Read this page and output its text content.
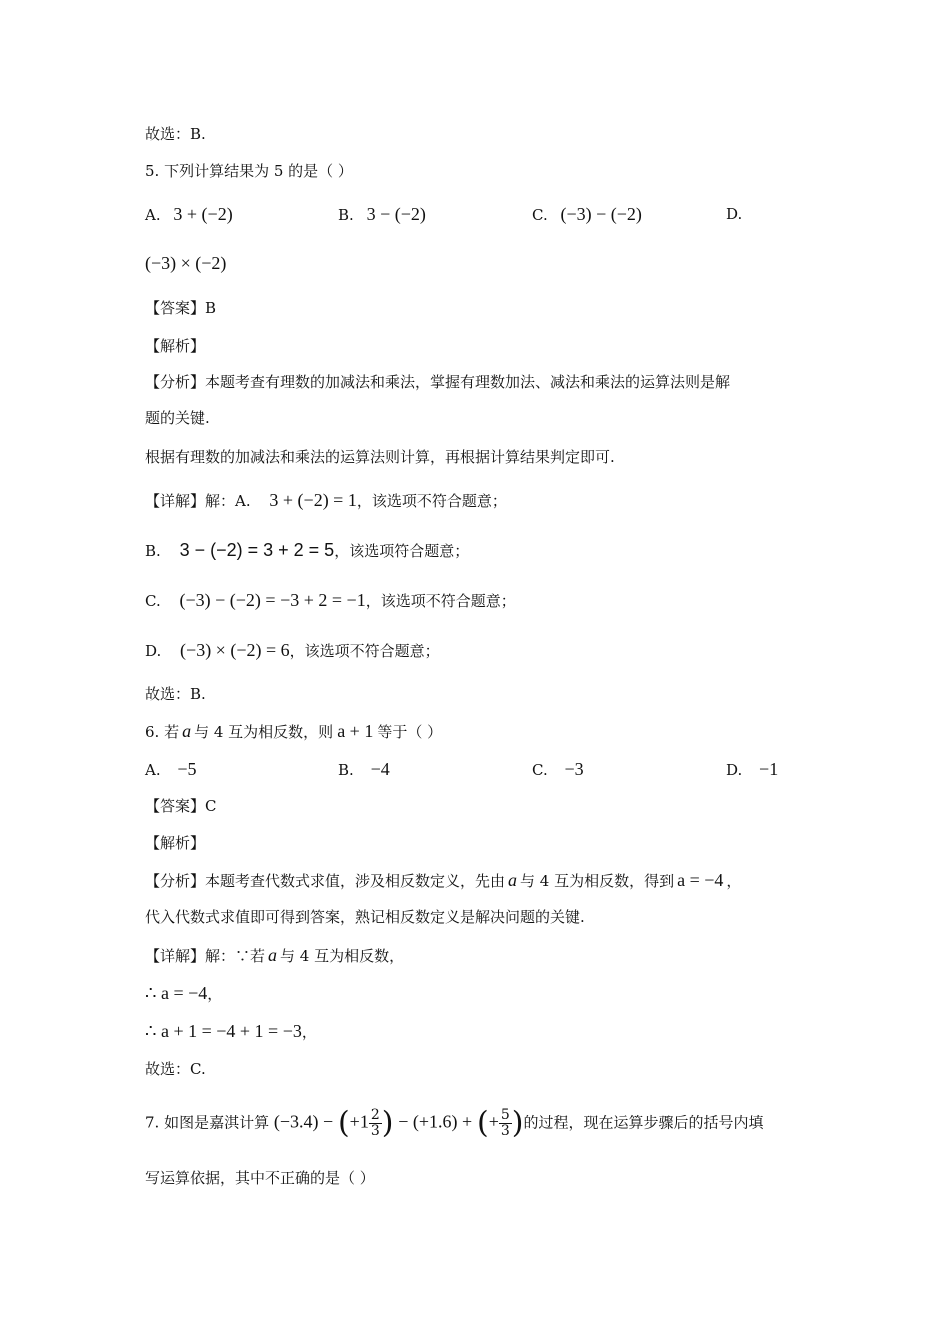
故选：B.
5. 下列计算结果为 5 的是（ ）
A. 3 + (−2)	B. 3 − (−2)	C. (−3) − (−2)	D.
(−3) × (−2)
【答案】B
【解析】
【分析】本题考查有理数的加减法和乘法，掌握有理数加法、减法和乘法的运算法则是解
题的关键.
根据有理数的加减法和乘法的运算法则计算，再根据计算结果判定即可.
【详解】解：A. 3 + (−2) = 1，该选项不符合题意；
B. 3 − (−2) = 3 + 2 = 5，该选项符合题意；
C. (−3) − (−2) = −3 + 2 = −1，该选项不符合题意；
D. (−3) × (−2) = 6，该选项不符合题意；
故选：B.
6. 若 a 与 4 互为相反数，则 a + 1 等于（ ）
A. −5	B. −4	C. −3	D. −1
【答案】C
【解析】
【分析】本题考查代数式求值，涉及相反数定义，先由 a 与 4 互为相反数，得到 a = −4 ，
代入代数式求值即可得到答案，熟记相反数定义是解决问题的关键.
【详解】解：∵若 a 与 4 互为相反数，
∴ a = −4，
∴ a + 1 = −4 + 1 = −3，
故选：C.
7. 如图是嘉淇计算 $(-3.4) - (+1 \frac{2}{3}$ ) − (+1.6) + (+ $\frac{5}{3}$ )的过程，现在运算步骤后的括号内填
写运算依据，其中不正确的是（ ）
